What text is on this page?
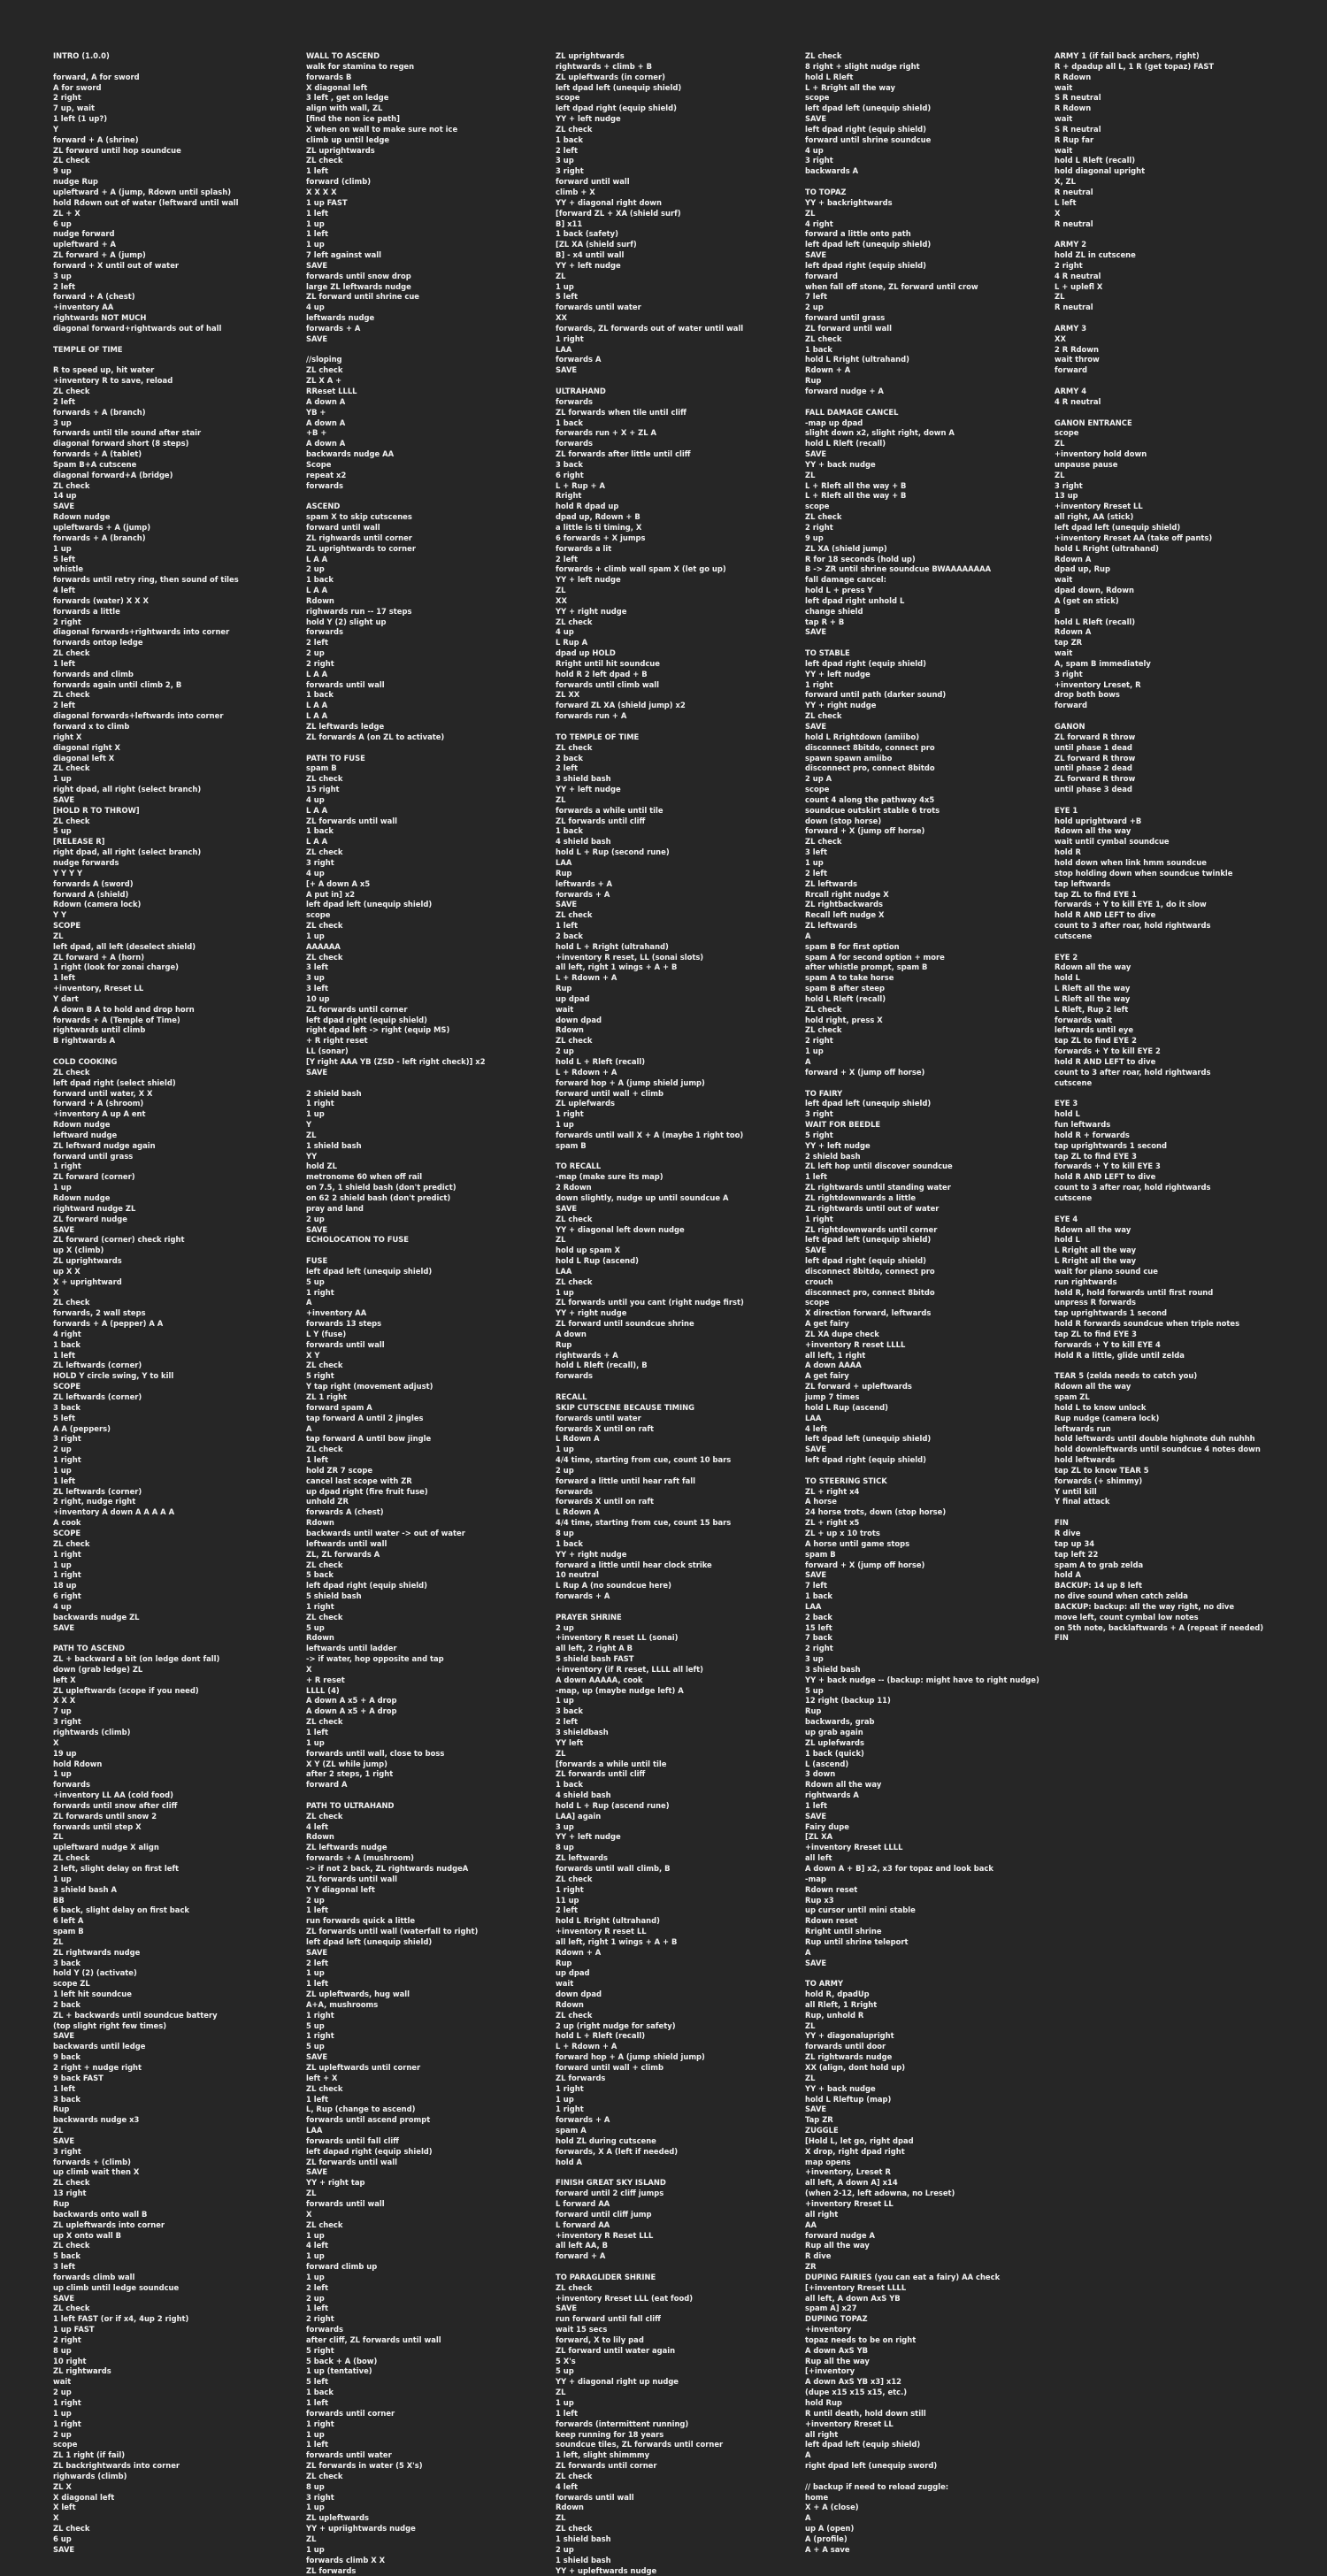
INTRO (1.0.0)
forward, A for sword
A for sword
2 right
7 up, wait
1 left (1 up?)
Y
forward + A (shrine)
ZL forward until hop soundcue
ZL check
9 up
nudge Rup
upleftward + A (jump, Rdown until splash)
hold Rdown out of water (leftward until wall
ZL + X
6 up
nudge forward
upleftward + A
ZL forward + A (jump)
forward + X until out of water
3 up
2 left
forward + A (chest)
+inventory AA
rightwards NOT MUCH
diagonal forward+rightwards out of hall
TEMPLE OF TIME
R to speed up, hit water
+inventory R to save, reload
ZL check
2 left
forwards + A (branch)
3 up
forwards until tile sound after stair
diagonal forward short (8 steps)
forwards + A (tablet)
Spam B+A cutscene
diagonal forward+A (bridge)
ZL check
14 up
SAVE
Rdown nudge
upleftwards + A (jump)
forwards + A (branch)
1 up
5 left
whistle
forwards until retry ring, then sound of tiles
4 left
forwards (water) X X X
forwards a little
2 right
diagonal forwards+rightwards into corner
forwards ontop ledge
ZL check
1 left
forwards and climb
forwards again until climb 2, B
ZL check
2 left
diagonal forwards+leftwards into corner
forward x to climb
right X
diagonal right X
diagonal left X
ZL check
1 up
right dpad, all right (select branch)
SAVE
[HOLD R TO THROW]
ZL check
5 up
[RELEASE R]
right dpad, all right (select branch)
nudge forwards
Y Y Y Y
forwards A (sword)
forward A (shield)
Rdown (camera lock)
Y Y
SCOPE
ZL
left dpad, all left (deselect shield)
ZL forward + A (horn)
1 right (look for zonai charge)
1 left
+inventory, Rreset LL
Y dart
A down B A to hold and drop horn
forwards + A (Temple of Time)
rightwards until climb
B rightwards A
COLD COOKING
ZL check
left dpad right (select shield)
forward until water, X X
forward + A (shroom)
+inventory A up A ent
Rdown nudge
leftward nudge
ZL leftward nudge again
forward until grass
1 right
ZL forward (corner)
1 up
Rdown nudge
rightward nudge ZL
ZL forward nudge
SAVE
ZL forward (corner) check right
up X (climb)
ZL uprightwards
up X X
X + uprightward
X
ZL check
forwards, 2 wall steps
forwards + A (pepper) A A
4 right
1 back
1 left
ZL leftwards (corner)
HOLD Y circle swing, Y to kill
SCOPE
ZL leftwards (corner)
3 back
5 left
A A (peppers)
3 right
2 up
1 right
1 up
1 left
ZL leftwards (corner)
2 right, nudge right
+inventory A down A A A A A
A cook
SCOPE
ZL check
1 right
1 up
1 right
18 up
6 right
4 up
backwards nudge ZL
SAVE
PATH TO ASCEND
ZL + backward a bit (on ledge dont fall)
down (grab ledge) ZL
left X
ZL upleftwards (scope if you need)
X X X
7 up
3 right
rightwards (climb)
X
19 up
hold Rdown
1 up
forwards
+inventory LL AA (cold food)
forwards until snow after cliff
ZL forwards until snow 2
forwards until step X
ZL
upleftward nudge X align
ZL check
2 left, slight delay on first left
1 up
3 shield bash A
BB
6 back, slight delay on first back
6 left A
spam B
ZL
ZL rightwards nudge
3 back
hold Y (2) (activate)
scope ZL
1 left hit soundcue
2 back
ZL + backwards until soundcue battery
(top slight right few times)
SAVE
backwards until ledge
9 back
2 right + nudge right
9 back FAST
1 left
3 back
Rup
backwards nudge x3
ZL
SAVE
3 right
forwards + (climb)
up climb wait then X
ZL check
13 right
Rup
backwards onto wall B
ZL upleftwards into corner
up X onto wall B
ZL check
5 back
3 left
forwards climb wall
up climb until ledge soundcue
SAVE
ZL check
1 left FAST (or if x4, 4up 2 right)
1 up FAST
2 right
8 up
10 right
ZL rightwards
wait
2 up
1 right
1 up
1 right
2 up
scope
ZL 1 right (if fail)
ZL backrightwards into corner
righwards (climb)
ZL X
X diagonal left
X left
X
ZL check
6 up
SAVE
WALL TO ASCEND
walk for stamina to regen
forwards B
X diagonal left
3 left , get on ledge
align with wall, ZL
[find the non ice path]
X when on wall to make sure not ice
climb up until ledge
ZL uprightwards
ZL check
1 left
forward (climb)
X X X X
1 up FAST
1 left
1 up
1 left
1 up
7 left against wall
SAVE
forwards until snow drop
large ZL leftwards nudge
ZL forward until shrine cue
4 up
leftwards nudge
forwards + A
SAVE
//sloping
ZL check
ZL X A +
RReset LLLL
A down A
YB +
A down A
+B +
A down A
backwards nudge AA
Scope
repeat x2
forwards
ASCEND
spam X to skip cutscenes
forward until wall
ZL righwards until corner
ZL uprightwards to corner
L A A
2 up
1 back
L A A
Rdown
righwards run -- 17 steps
hold Y (2) slight up
forwards
2 left
2 up
2 right
L A A
forwards until wall
1 back
L A A
L A A
ZL leftwards ledge
ZL forwards A (on ZL to activate)
PATH TO FUSE
spam B
ZL check
15 right
4 up
L A A
ZL forwards until wall
1 back
L A A
ZL check
3 right
4 up
[+ A down A x5
A put in] x2
left dpad left (unequip shield)
scope
ZL check
1 up
AAAAAA
ZL check
3 left
3 up
3 left
10 up
ZL forwards until corner
left dpad right (equip shield)
right dpad left -> right (equip MS)
+ R right reset
LL (sonar)
[Y right AAA YB (ZSD - left right check)] x2
SAVE
2 shield bash
1 right
1 up
Y
ZL
1 shield bash
YY
hold ZL
metronome 60 when off rail
on 7.5, 1 shield bash (don't predict)
on 62 2 shield bash (don't predict)
pray and land
2 up
SAVE
ECHOLOCATION TO FUSE
FUSE
left dpad left (unequip shield)
5 up
1 right
A
+inventory AA
forwards 13 steps
L Y (fuse)
forwards until wall
X Y
ZL check
5 right
Y tap right (movement adjust)
ZL 1 right
forward spam A
tap forward A until 2 jingles
A
tap forward A until bow jingle
ZL check
1 left
hold ZR 7 scope
cancel last scope with ZR
up dpad right (fire fruit fuse)
unhold ZR
forwards A (chest)
Rdown
backwards until water -> out of water
leftwards until wall
ZL, ZL forwards A
ZL check
5 back
left dpad right (equip shield)
5 shield bash
1 right
ZL check
5 up
Rdown
leftwards until ladder
-> if water, hop opposite and tap
X
+ R reset
LLLL (4)
A down A x5 + A drop
A down A x5 + A drop
ZL check
1 left
1 up
forwards until wall, close to boss
X Y (ZL while jump)
after 2 steps, 1 right
forward A
PATH TO ULTRAHAND
ZL check
4 left
Rdown
ZL leftwards nudge
forwards + A (mushroom)
-> if not 2 back, ZL rightwards nudgeA
ZL forwards until wall
Y Y diagonal left
2 up
1 left
run forwards quick a little
ZL forwards until wall (waterfall to right)
left dpad left (unequip shield)
SAVE
2 left
1 up
1 left
ZL upleftwards, hug wall
A+A, mushrooms
1 right
5 up
1 right
5 up
SAVE
ZL upleftwards until corner
left + X
ZL check
1 left
L, Rup (change to ascend)
forwards until ascend prompt
LAA
forwards until fall cliff
left dapad right (equip shield)
ZL forwards until wall
SAVE
YY + right tap
ZL
forwards until wall
X
ZL check
1 up
4 left
1 up
forward climb up
1 up
2 left
2 up
1 left
2 right
forwards
after cliff, ZL forwards until wall
5 right
5 back + A (bow)
1 up (tentative)
5 left
1 back
1 left
forwards until corner
1 right
1 up
1 left
forwards until water
ZL forwards in water (5 X's)
ZL check
8 up
3 right
1 up
ZL upleftwards
YY + upriightwards nudge
ZL
1 up
forwards climb X X
ZL forwards
ZL uprightwards
rightwards + climb + B
ZL upleftwards (in corner)
left dpad left (unequip shield)
scope
left dpad right (equip shield)
YY + left nudge
ZL check
1 back
2 left
3 up
3 right
forward until wall
climb + X
YY + diagonal right down
[forward ZL + XA (shield surf)
B] x11
1 back (safety)
[ZL XA (shield surf)
B] - x4 until wall
YY + left nudge
ZL
1 up
5 left
forwards until water
XX
forwards, ZL forwards out of water until wall
1 right
LAA
forwards A
SAVE
ULTRAHAND
forwards
ZL forwards when tile until cliff
1 back
forwards run + X + ZL A
forwards
ZL forwards after little until cliff
3 back
6 right
L + Rup + A
Rright
hold R dpad up
dpad up, Rdown + B
a little is ti timing, X
6 forwards + X jumps
forwards a lit
2 left
forwards + climb wall spam X (let go up)
YY + left nudge
ZL
XX
YY + right nudge
ZL check
4 up
L Rup A
dpad up HOLD
Rright until hit soundcue
hold R 2 left dpad + B
forwards until climb wall
ZL XX
forward ZL XA (shield jump) x2
forwards run + A
TO TEMPLE OF TIME
ZL check
2 back
2 left
3 shield bash
YY + left nudge
ZL
forwards a while until tile
ZL forwards until cliff
1 back
4 shield bash
hold L + Rup (second rune)
LAA
Rup
leftwards + A
forwards + A
SAVE
ZL check
1 left
2 back
hold L + Rright (ultrahand)
+inventory R reset, LL (sonai slots)
all left, right 1 wings + A + B
L + Rdown + A
Rup
up dpad
wait
down dpad
Rdown
ZL check
2 up
hold L + Rleft (recall)
L + Rdown + A
forward hop + A (jump shield jump)
forward until wall + climb
ZL uplefwards
1 right
1 up
forwards until wall X + A (maybe 1 right too)
spam B
TO RECALL
-map (make sure its map)
2 Rdown
down slightly, nudge up until soundcue A
SAVE
ZL check
YY + diagonal left down nudge
ZL
hold up spam X
hold L Rup (ascend)
LAA
ZL check
1 up
ZL forwards until you cant (right nudge first)
YY + right nudge
ZL forward until soundcue shrine
A down
Rup
rightwards + A
hold L Rleft (recall), B
forwards
RECALL
SKIP CUTSCENE BECAUSE TIMING
forwards until water
forwards X until on raft
L Rdown A
1 up
4/4 time, starting from cue, count 10 bars
2 up
forward a little until hear raft fall
forwards
forwards X until on raft
L Rdown A
4/4 time, starting from cue, count 15 bars
8 up
1 back
YY + right nudge
forward a little until hear clock strike
10 neutral
L Rup A (no soundcue here)
forwards + A
PRAYER SHRINE
2 up
+inventory R reset LL (sonai)
all left, 2 right A B
5 shield bash FAST
+inventory (if R reset, LLLL all left)
A down AAAAA, cook
-map, up (maybe nudge left) A
1 up
3 back
2 left
3 shieldbash
YY left
ZL
[forwards a while until tile
ZL forwards until cliff
1 back
4 shield bash
hold L + Rup (ascend rune)
LAA] again
3 up
YY + left nudge
8 up
ZL leftwards
forwards until wall climb, B
ZL check
1 right
11 up
2 left
hold L Rright (ultrahand)
+inventory R reset LL
all left, right 1 wings + A + B
Rdown + A
Rup
up dpad
wait
down dpad
Rdown
ZL check
2 up (right nudge for safety)
hold L + Rleft (recall)
L + Rdown + A
forward hop + A (jump shield jump)
forward until wall + climb
ZL forwards
1 right
1 up
1 right
forwards + A
spam A
hold ZL during cutscene
forwards, X A (left if needed)
hold A
FINISH GREAT SKY ISLAND
forward until 2 cliff jumps
L forward AA
forward until cliff jump
L forward AA
+inventory R Reset LLL
all left AA, B
forward + A
TO PARAGLIDER SHRINE
ZL check
+inventory Rreset LLL (eat food)
SAVE
run forward until fall cliff
wait 15 secs
forward, X to lily pad
ZL forward until water again
5 X's
5 up
YY + diagonal right up nudge
ZL
1 up
1 left
forwards (intermittent running)
keep running for 18 years
soundcue tiles, ZL forwards until corner
1 left, slight shimmmy
ZL forwards until corner
ZL check
4 left
forwards until wall
Rdown
ZL
ZL check
1 shield bash
2 up
1 shield bash
YY + upleftwards nudge
ZL check
8 right + slight nudge right
hold L Rleft
L + Rright all the way
scope
left dpad left (unequip shield)
SAVE
left dpad right (equip shield)
forward until shrine soundcue
4 up
3 right
backwards A
TO TOPAZ
YY + backrightwards
ZL
4 right
forward a little onto path
left dpad left (unequip shield)
SAVE
left dpad right (equip shield)
forward
when fall off stone, ZL forward until crow
7 left
2 up
forward until grass
ZL forward until wall
ZL check
1 back
hold L Rright (ultrahand)
Rdown + A
Rup
forward nudge + A
FALL DAMAGE CANCEL
-map up dpad
slight down x2, slight right, down A
hold L Rleft (recall)
SAVE
YY + back nudge
ZL
L + Rleft all the way + B
L + Rleft all the way + B
scope
ZL check
2 right
9 up
ZL XA (shield jump)
R for 18 seconds (hold up)
B -> ZR until shrine soundcue BWAAAAAAAA
fall damage cancel:
hold L + press Y
left dpad right unhold L
change shield
tap R + B
SAVE
TO STABLE
left dpad right (equip shield)
YY + left nudge
1 right
forward until path (darker sound)
YY + right nudge
ZL check
SAVE
hold L Rrightdown (amiibo)
disconnect 8bitdo, connect pro
spawn spawn amiibo
disconnect pro, connect 8bitdo
2 up A
scope
count 4 along the pathway 4x5
soundcue outskirt stable 6 trots
down (stop horse)
forward + X (jump off horse)
ZL check
3 left
1 up
2 left
ZL leftwards
Rrcall right nudge X
ZL rightbackwards
Recall left nudge X
ZL leftwards
A
spam B for first option
spam A for second option + more
after whistle prompt, spam B
spam A to take horse
spam B after steep
hold L Rleft (recall)
ZL check
hold right, press X
ZL check
2 right
1 up
A
forward + X (jump off horse)
TO FAIRY
left dpad left (unequip shield)
3 right
WAIT FOR BEEDLE
5 right
YY + left nudge
2 shield bash
ZL left hop until discover soundcue
1 left
ZL rightwards until standing water
ZL rightdownwards a little
ZL rightwards until out of water
1 right
ZL rightdownwards until corner
left dpad left (unequip shield)
SAVE
left dpad right (equip shield)
disconnect 8bitdo, connect pro
crouch
disconnect pro, connect 8bitdo
scope
X direction forward, leftwards
A get fairy
ZL XA dupe check
+inventory R reset LLLL
all left, 1 right
A down AAAA
A get fairy
ZL forward + upleftwards
jump 7 times
hold L Rup (ascend)
LAA
4 left
left dpad left (unequip shield)
SAVE
left dpad right (equip shield)
TO STEERING STICK
ZL + right x4
A horse
24 horse trots, down (stop horse)
ZL + right x5
ZL + up x 10 trots
A horse until game stops
spam B
forward + X (jump off horse)
SAVE
7 left
1 back
LAA
2 back
15 left
7 back
2 right
3 up
3 shield bash
YY + back nudge -- (backup: might have to right nudge)
5 up
12 right (backup 11)
Rup
backwards, grab
up grab again
ZL uplefwards
1 back (quick)
L (ascend)
3 down
Rdown all the way
rightwards A
1 left
SAVE
Fairy dupe
[ZL XA
+inventory Rreset LLLL
all left
A down A + B] x2, x3 for topaz and look back
-map
Rdown reset
Rup x3
up cursor until mini stable
Rdown reset
Rright until shrine
Rup until shrine teleport
A
SAVE
TO ARMY
hold R, dpadUp
all Rleft, 1 Rright
Rup, unhold R
ZL
YY + diagonalupright
forwards until door
ZL rightwards nudge
XX (align, dont hold up)
ZL
YY + back nudge
hold L Rleftup (map)
SAVE
Tap ZR
ZUGGLE
[Hold L, let go, right dpad
X drop, right dpad right
map opens
+inventory, Lreset R
all left, A down A] x14
(when 2-12, left adowna, no Lreset)
+inventory Rreset LL
all right
AA
forward nudge A
Rup all the way
R dive
ZR
DUPING FAIRIES (you can eat a fairy) AA check
[+inventory Rreset LLLL
all left, A down AxS YB
spam A] x27
DUPING TOPAZ
+inventory
topaz needs to be on right
A down AxS YB
Rup all the way
[+inventory
A down AxS YB x3] x12
(dupe x15 x15 x15, etc.)
hold Rup
R until death, hold down still
+inventory Rreset LL
all right
left dpad left (equip shield)
A
right dpad left (unequip sword)
// backup if need to reload zuggle:
home
X + A (close)
A
up A (open)
A (profile)
A + A save
ARMY 1 (if fail back archers, right)
R + dpadup all L, 1 R (get topaz) FAST
R Rdown
wait
S R neutral
R Rdown
wait
S R neutral
R Rup far
wait
hold L Rleft (recall)
hold diagonal upright
X, ZL
R neutral
L left
X
R neutral
ARMY 2
hold ZL in cutscene
2 right
4 R neutral
L + uplefl X
ZL
R neutral
ARMY 3
XX
2 R Rdown
wait throw
forward
ARMY 4
4 R neutral
GANON ENTRANCE
scope
ZL
+inventory hold down
unpause pause
ZL
3 right
13 up
+inventory Rreset LL
all right, AA (stick)
left dpad left (unequip shield)
+inventory Rreset AA (take off pants)
hold L Rright (ultrahand)
Rdown A
dpad up, Rup
wait
dpad down, Rdown
A (get on stick)
B
hold L Rleft (recall)
Rdown A
tap ZR
wait
A, spam B immediately
3 right
+inventory Lreset, R
drop both bows
forward
GANON
ZL forward R throw
until phase 1 dead
ZL forward R throw
until phase 2 dead
ZL forward R throw
until phase 3 dead
EYE 1
hold uprightward +B
Rdown all the way
wait until cymbal soundcue
hold R
hold down when link hmm soundcue
stop holding down when soundcue twinkle
tap leftwards
tap ZL to find EYE 1
forwards + Y to kill EYE 1, do it slow
hold R AND LEFT to dive
count to 3 after roar, hold rightwards
cutscene
EYE 2
Rdown all the way
hold L
L Rleft all the way
L Rleft all the way
L Rleft, Rup 2 left
forwards wait
leftwards until eye
tap ZL to find EYE 2
forwards + Y to kill EYE 2
hold R AND LEFT to dive
count to 3 after roar, hold rightwards
cutscene
EYE 3
hold L
fun leftwards
hold R + forwards
tap uprightwards 1 second
tap ZL to find EYE 3
forwards + Y to kill EYE 3
hold R AND LEFT to dive
count to 3 after roar, hold rightwards
cutscene
EYE 4
Rdown all the way
hold L
L Rright all the way
L Rright all the way
wait for piano sound cue
run rightwards
hold R, hold forwards until first round
unpress R forwards
tap uprightwards 1 second
hold R forwards soundcue when triple notes
tap ZL to find EYE 3
forwards + Y to kill EYE 4
Hold R a little, glide until zelda
TEAR 5 (zelda needs to catch you)
Rdown all the way
spam ZL
hold L to know unlock
Rup nudge (camera lock)
leftwards run
hold leftwards until double highnote duh nuhhh
hold downleftwards until soundcue 4 notes down
hold leftwards
tap ZL to know TEAR 5
forwards (+ shimmy)
Y until kill
Y final attack
FIN
R dive
tap up 34
tap left 22
spam A to grab zelda
hold A
BACKUP: 14 up 8 left
no dive sound when catch zelda
BACKUP: backup: all the way right, no dive
move left, count cymbal low notes
on 5th note, backlaftwards + A (repeat if needed)
FIN
